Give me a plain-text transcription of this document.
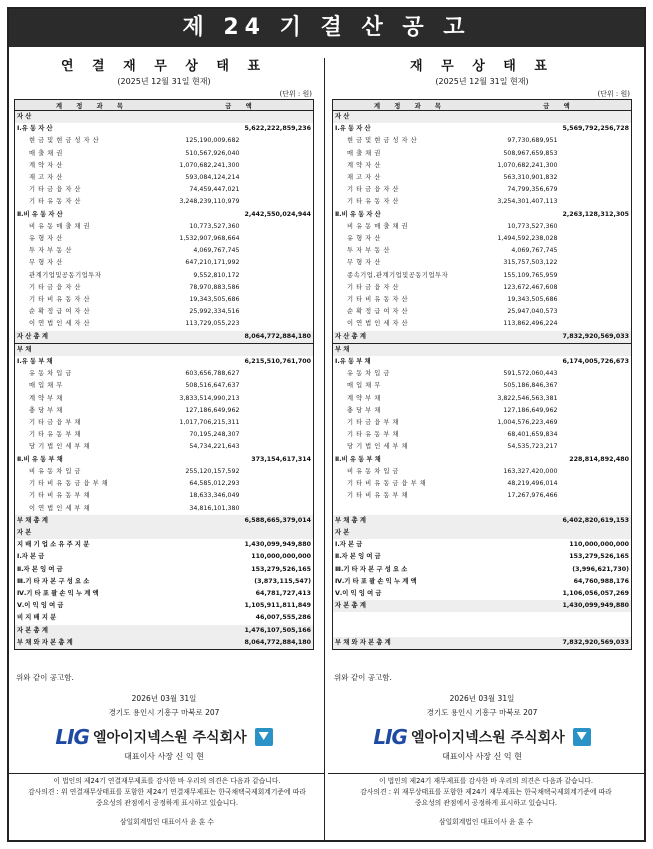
제 24 기 결 산 공 고
연 결 재 무 상 태 표
(2025년 12월 31일 현재)
(단위 : 원)
계 정 과 목	금 액	
자 산		
Ⅰ.유 동 자 산		5,622,222,859,236
현 금 및 현 금 성 자 산	125,190,009,682	
매 출 채 권	510,567,926,040	
계 약 자 산	1,070,682,241,300	
재 고 자 산	593,084,124,214	
기 타 금 융 자 산	74,459,447,021	
기 타 유 동 자 산	3,248,239,110,979	
Ⅱ.비 유 동 자 산		2,442,550,024,944
비 유 동 매 출 채 권	10,773,527,360	
유 형 자 산	1,532,907,968,664	
투 자 부 동 산	4,069,767,745	
무 형 자 산	647,210,171,992	
관계기업및공동기업투자	9,552,810,172	
기 타 금 융 자 산	78,970,883,586	
기 타 비 유 동 자 산	19,343,505,686	
순 확 정 급 여 자 산	25,992,334,516	
이 연 법 인 세 자 산	113,729,055,223	
자 산 총 계		8,064,772,884,180
부 채		
Ⅰ.유 동 부 채		6,215,510,761,700
유 동 차 입 금	603,656,788,627	
매 입 채 무	508,516,647,637	
계 약 부 채	3,833,514,990,213	
충 당 부 채	127,186,649,962	
기 타 금 융 부 채	1,017,706,215,311	
기 타 유 동 부 채	70,195,248,307	
당 기 법 인 세 부 채	54,734,221,643	
Ⅱ.비 유 동 부 채		373,154,617,314
비 유 동 차 입 금	255,120,157,592	
기 타 비 유 동 금 융 부 채	64,585,012,293	
기 타 비 유 동 부 채	18,633,346,049	
이 연 법 인 세 부 채	34,816,101,380	
부 채 총 계		6,588,665,379,014
자 본		
지 배 기 업 소 유 주 지 분		1,430,099,949,880
Ⅰ.자 본 금		110,000,000,000
Ⅱ.자 본 잉 여 금		153,279,526,165
Ⅲ.기 타 자 본 구 성 요 소		(3,873,115,547)
Ⅳ.기 타 포 괄 손 익 누 계 액		64,781,727,413
Ⅴ.이 익 잉 여 금		1,105,911,811,849
비 지 배 지 분		46,007,555,286
자 본 총 계		1,476,107,505,166
부 채 와 자 본 총 계		8,064,772,884,180
재 무 상 태 표
(2025년 12월 31일 현재)
(단위 : 원)
계 정 과 목	금 액	
자 산		
Ⅰ.유 동 자 산		5,569,792,256,728
현 금 및 현 금 성 자 산	97,730,689,951	
매 출 채 권	508,967,659,853	
계 약 자 산	1,070,682,241,300	
재 고 자 산	563,310,901,832	
기 타 금 융 자 산	74,799,356,679	
기 타 유 동 자 산	3,254,301,407,113	
Ⅱ.비 유 동 자 산		2,263,128,312,305
비 유 동 매 출 채 권	10,773,527,360	
유 형 자 산	1,494,592,238,028	
투 자 부 동 산	4,069,767,745	
무 형 자 산	315,757,503,122	
종속기업,관계기업및공동기업투자	155,109,765,959	
기 타 금 융 자 산	123,672,467,608	
기 타 비 유 동 자 산	19,343,505,686	
순 확 정 급 여 자 산	25,947,040,573	
이 연 법 인 세 자 산	113,862,496,224	
자 산 총 계		7,832,920,569,033
부 채		
Ⅰ.유 동 부 채		6,174,005,726,673
유 동 차 입 금	591,572,060,443	
매 입 채 무	505,186,846,367	
계 약 부 채	3,822,546,563,381	
충 당 부 채	127,186,649,962	
기 타 금 융 부 채	1,004,576,223,469	
기 타 유 동 부 채	68,401,659,834	
당 기 법 인 세 부 채	54,535,723,217	
Ⅱ.비 유 동 부 채		228,814,892,480
비 유 동 차 입 금	163,327,420,000	
기 타 비 유 동 금 융 부 채	48,219,496,014	
기 타 비 유 동 부 채	17,267,976,466	

부 채 총 계		6,402,820,619,153
자 본		
Ⅰ.자 본 금		110,000,000,000
Ⅱ.자 본 잉 여 금		153,279,526,165
Ⅲ.기 타 자 본 구 성 요 소		(3,996,621,730)
Ⅳ.기 타 포 괄 손 익 누 계 액		64,760,988,176
Ⅴ.이 익 잉 여 금		1,106,056,057,269
자 본 총 계		1,430,099,949,880

부 채 와 자 본 총 계		7,832,920,569,033
위와 같이 공고함.
2026년 03월 31일
경기도 용인시 기흥구 마북로 207
LIG 엘아이지넥스원 주식회사
대표이사 사장 신 익 현
위와 같이 공고함.
2026년 03월 31일
경기도 용인시 기흥구 마북로 207
LIG 엘아이지넥스원 주식회사
대표이사 사장 신 익 현
이 법인의 제24기 연결재무제표를 감사한 바 우리의 의견은 다음과 같습니다.
감사의견 : 위 연결재무상태표를 포함한 제24기 연결재무제표는 한국채택국제회계기준에 따라
중요성의 관점에서 공정하게 표시하고 있습니다.
삼일회계법인 대표이사 윤 훈 수
이 법인의 제24기 재무제표를 감사한 바 우리의 의견은 다음과 같습니다.
감사의견 : 위 재무상태표를 포함한 제24기 재무제표는 한국채택국제회계기준에 따라
중요성의 관점에서 공정하게 표시하고 있습니다.
삼일회계법인 대표이사 윤 훈 수
